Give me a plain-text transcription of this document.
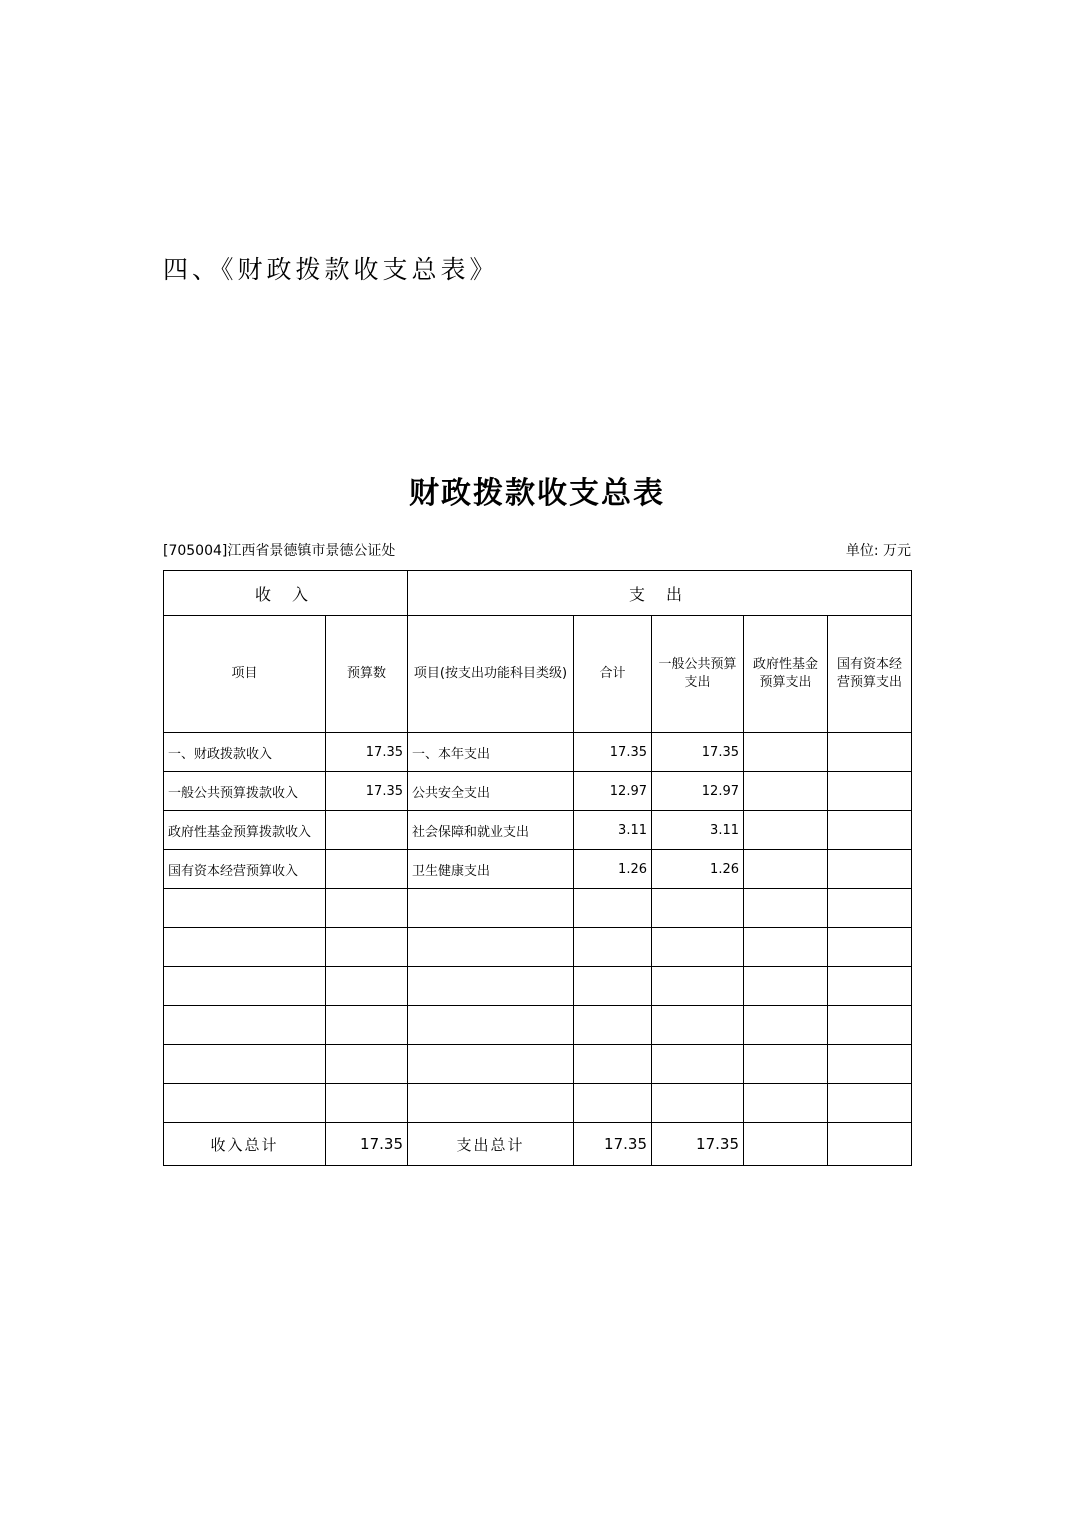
四、《财政拨款收支总表》
财政拨款收支总表
[705004]江西省景德镇市景德公证处	单位: 万元
收 入		支 出				
项目	预算数	项目(按支出功能科目类级)	合计	一般公共预算支出	政府性基金预算支出	国有资本经营预算支出
一、财政拨款收入	17.35	一、本年支出	17.35	17.35		
一般公共预算拨款收入	17.35	公共安全支出	12.97	12.97		
政府性基金预算拨款收入		社会保障和就业支出	3.11	3.11		
国有资本经营预算收入		卫生健康支出	1.26	1.26		

收入总计	17.35	支出总计	17.35	17.35		
